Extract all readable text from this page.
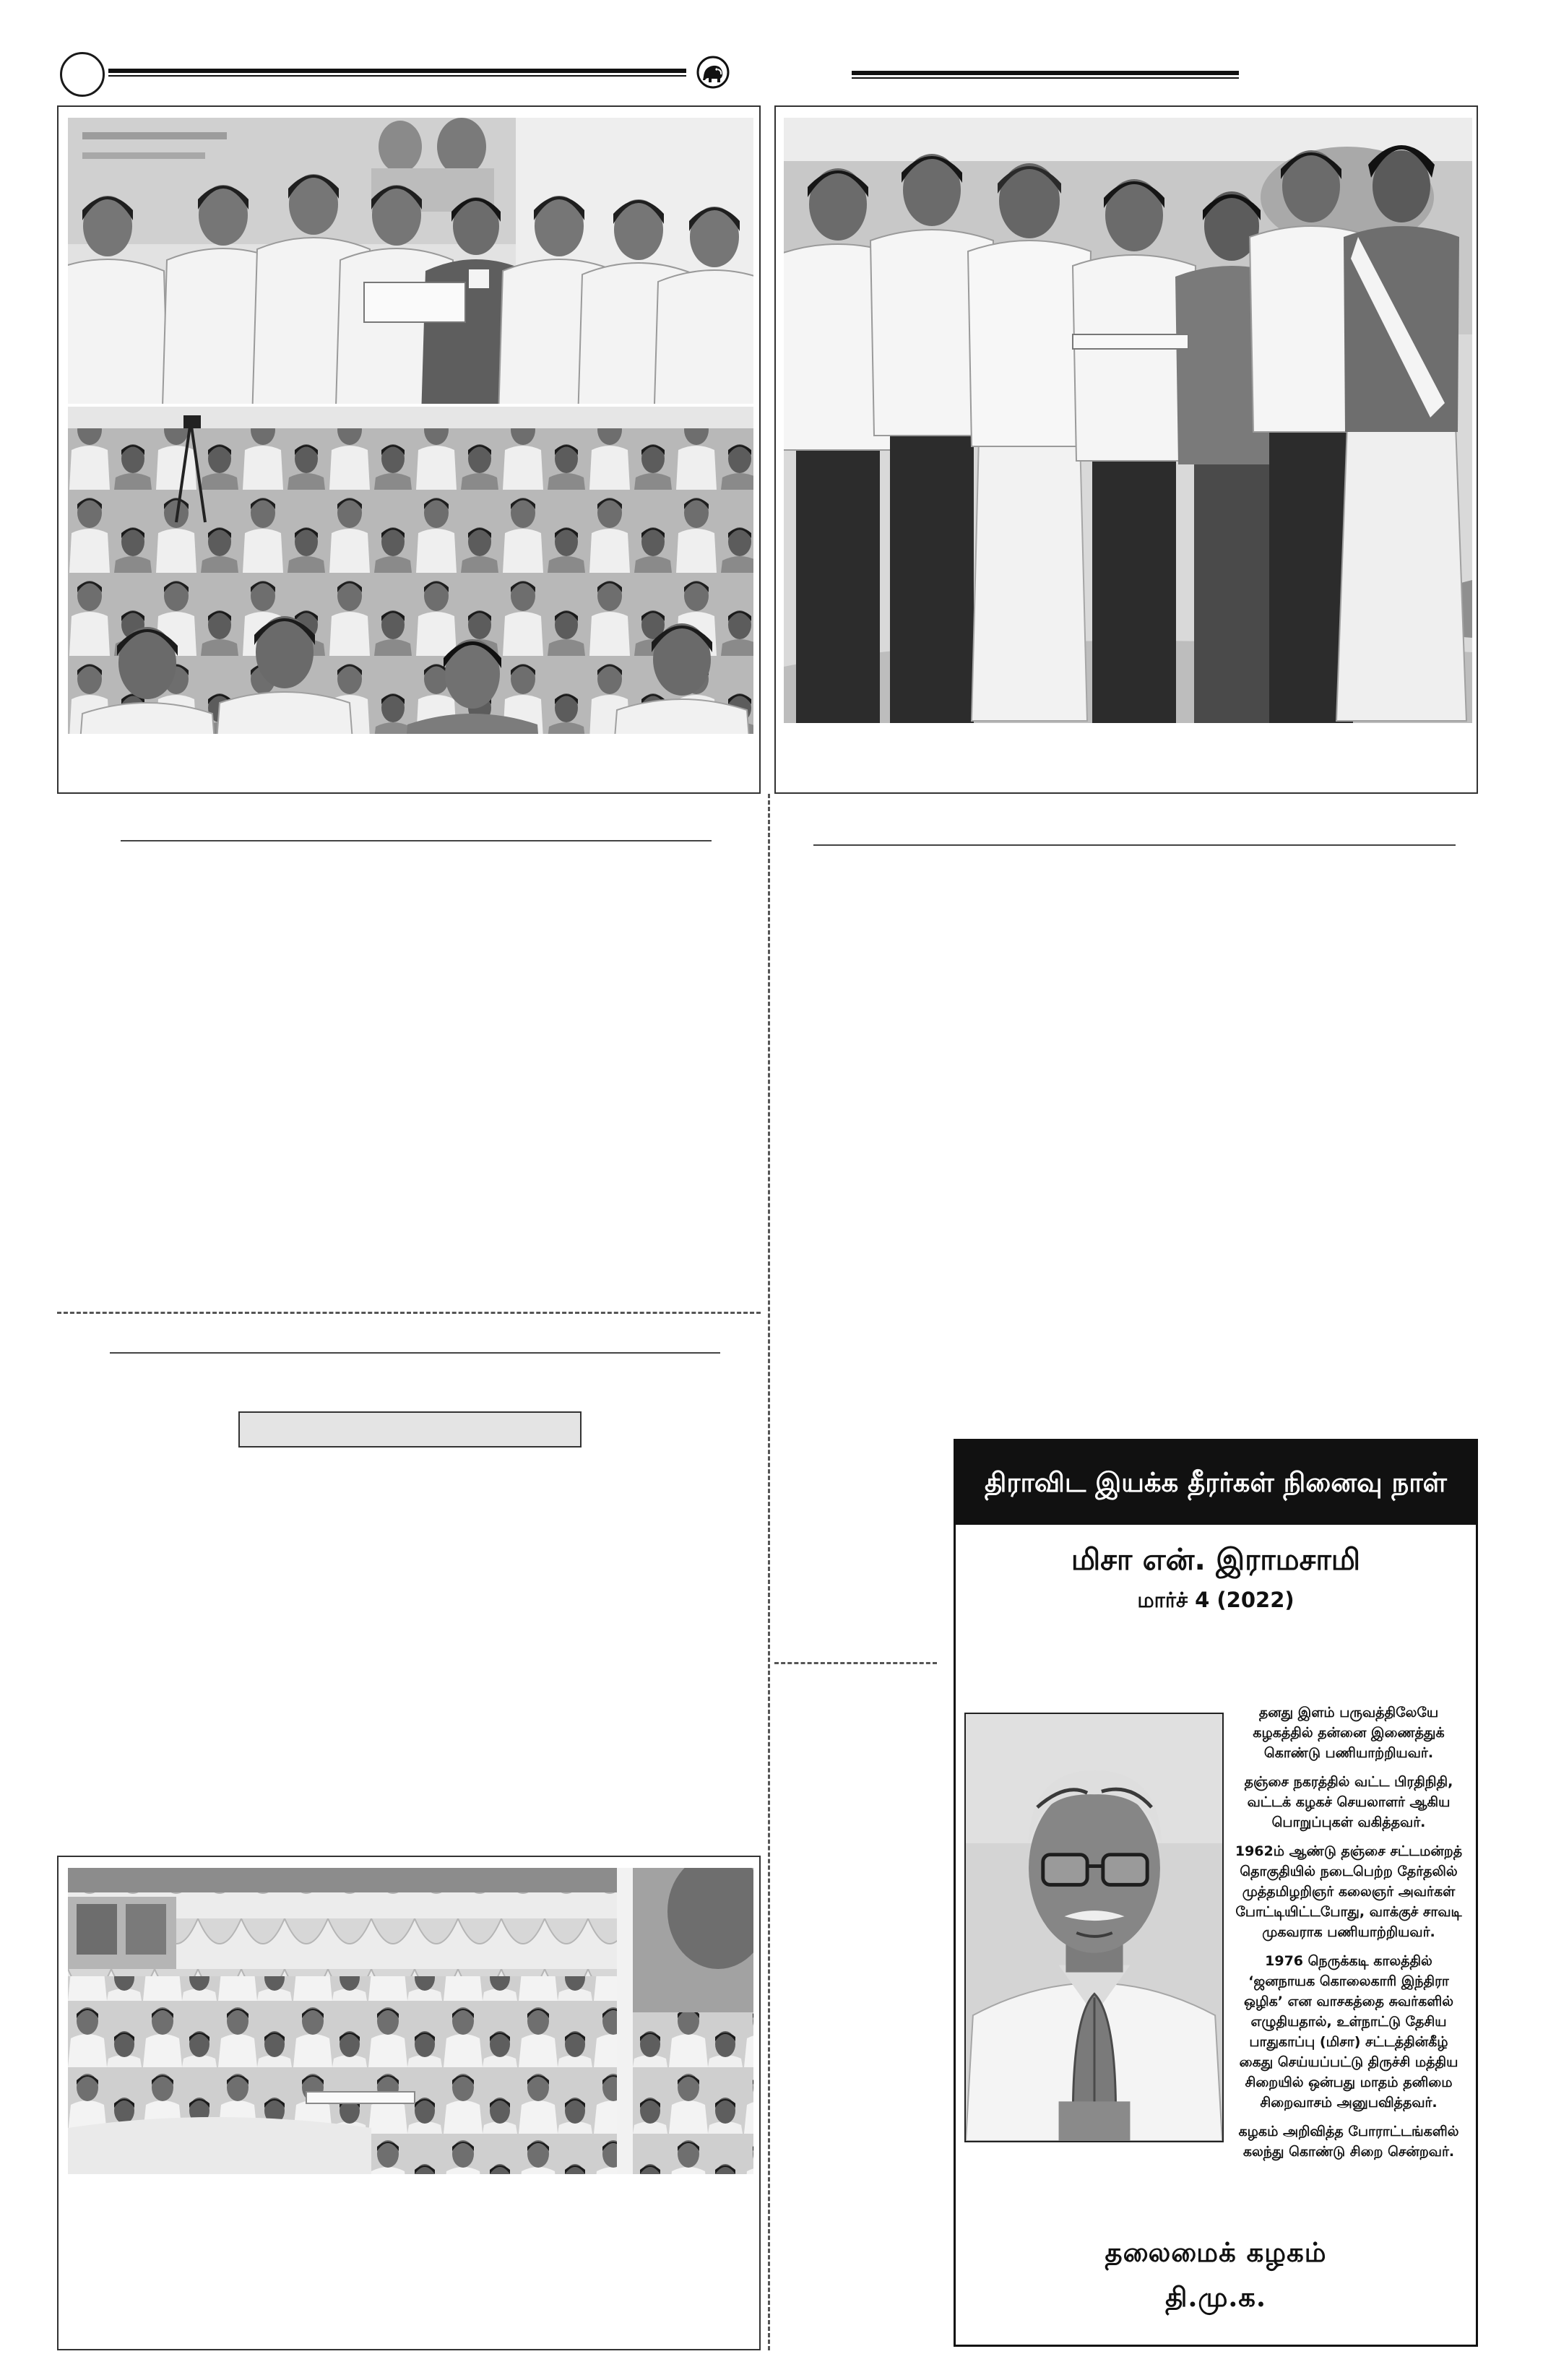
திராவிட இயக்க தீரர்கள் நினைவு நாள்
மிசா என். இராமசாமி
மார்ச் 4 (2022)
தனது இளம் பருவத்திலேயே
கழகத்தில் தன்னை இணைத்துக்
கொண்டு பணியாற்றியவர்.
தஞ்சை நகரத்தில் வட்ட பிரதிநிதி,
வட்டக் கழகச் செயலாளர் ஆகிய
பொறுப்புகள் வகித்தவர்.
1962ம் ஆண்டு தஞ்சை சட்டமன்றத்
தொகுதியில் நடைபெற்ற தேர்தலில்
முத்தமிழறிஞர் கலைஞர் அவர்கள்
போட்டியிட்டபோது, வாக்குச் சாவடி
முகவராக பணியாற்றியவர்.
1976 நெருக்கடி காலத்தில்
‘ஜனநாயக கொலைகாரி இந்திரா
ஒழிக’ என வாசகத்தை சுவர்களில்
எழுதியதால், உள்நாட்டு தேசிய
பாதுகாப்பு (மிசா) சட்டத்தின்கீழ்
கைது செய்யப்பட்டு திருச்சி மத்திய
சிறையில் ஒன்பது மாதம் தனிமை
சிறைவாசம் அனுபவித்தவர்.
கழகம் அறிவித்த போராட்டங்களில்
கலந்து கொண்டு சிறை சென்றவர்.
தலைமைக் கழகம்
தி.மு.க.
